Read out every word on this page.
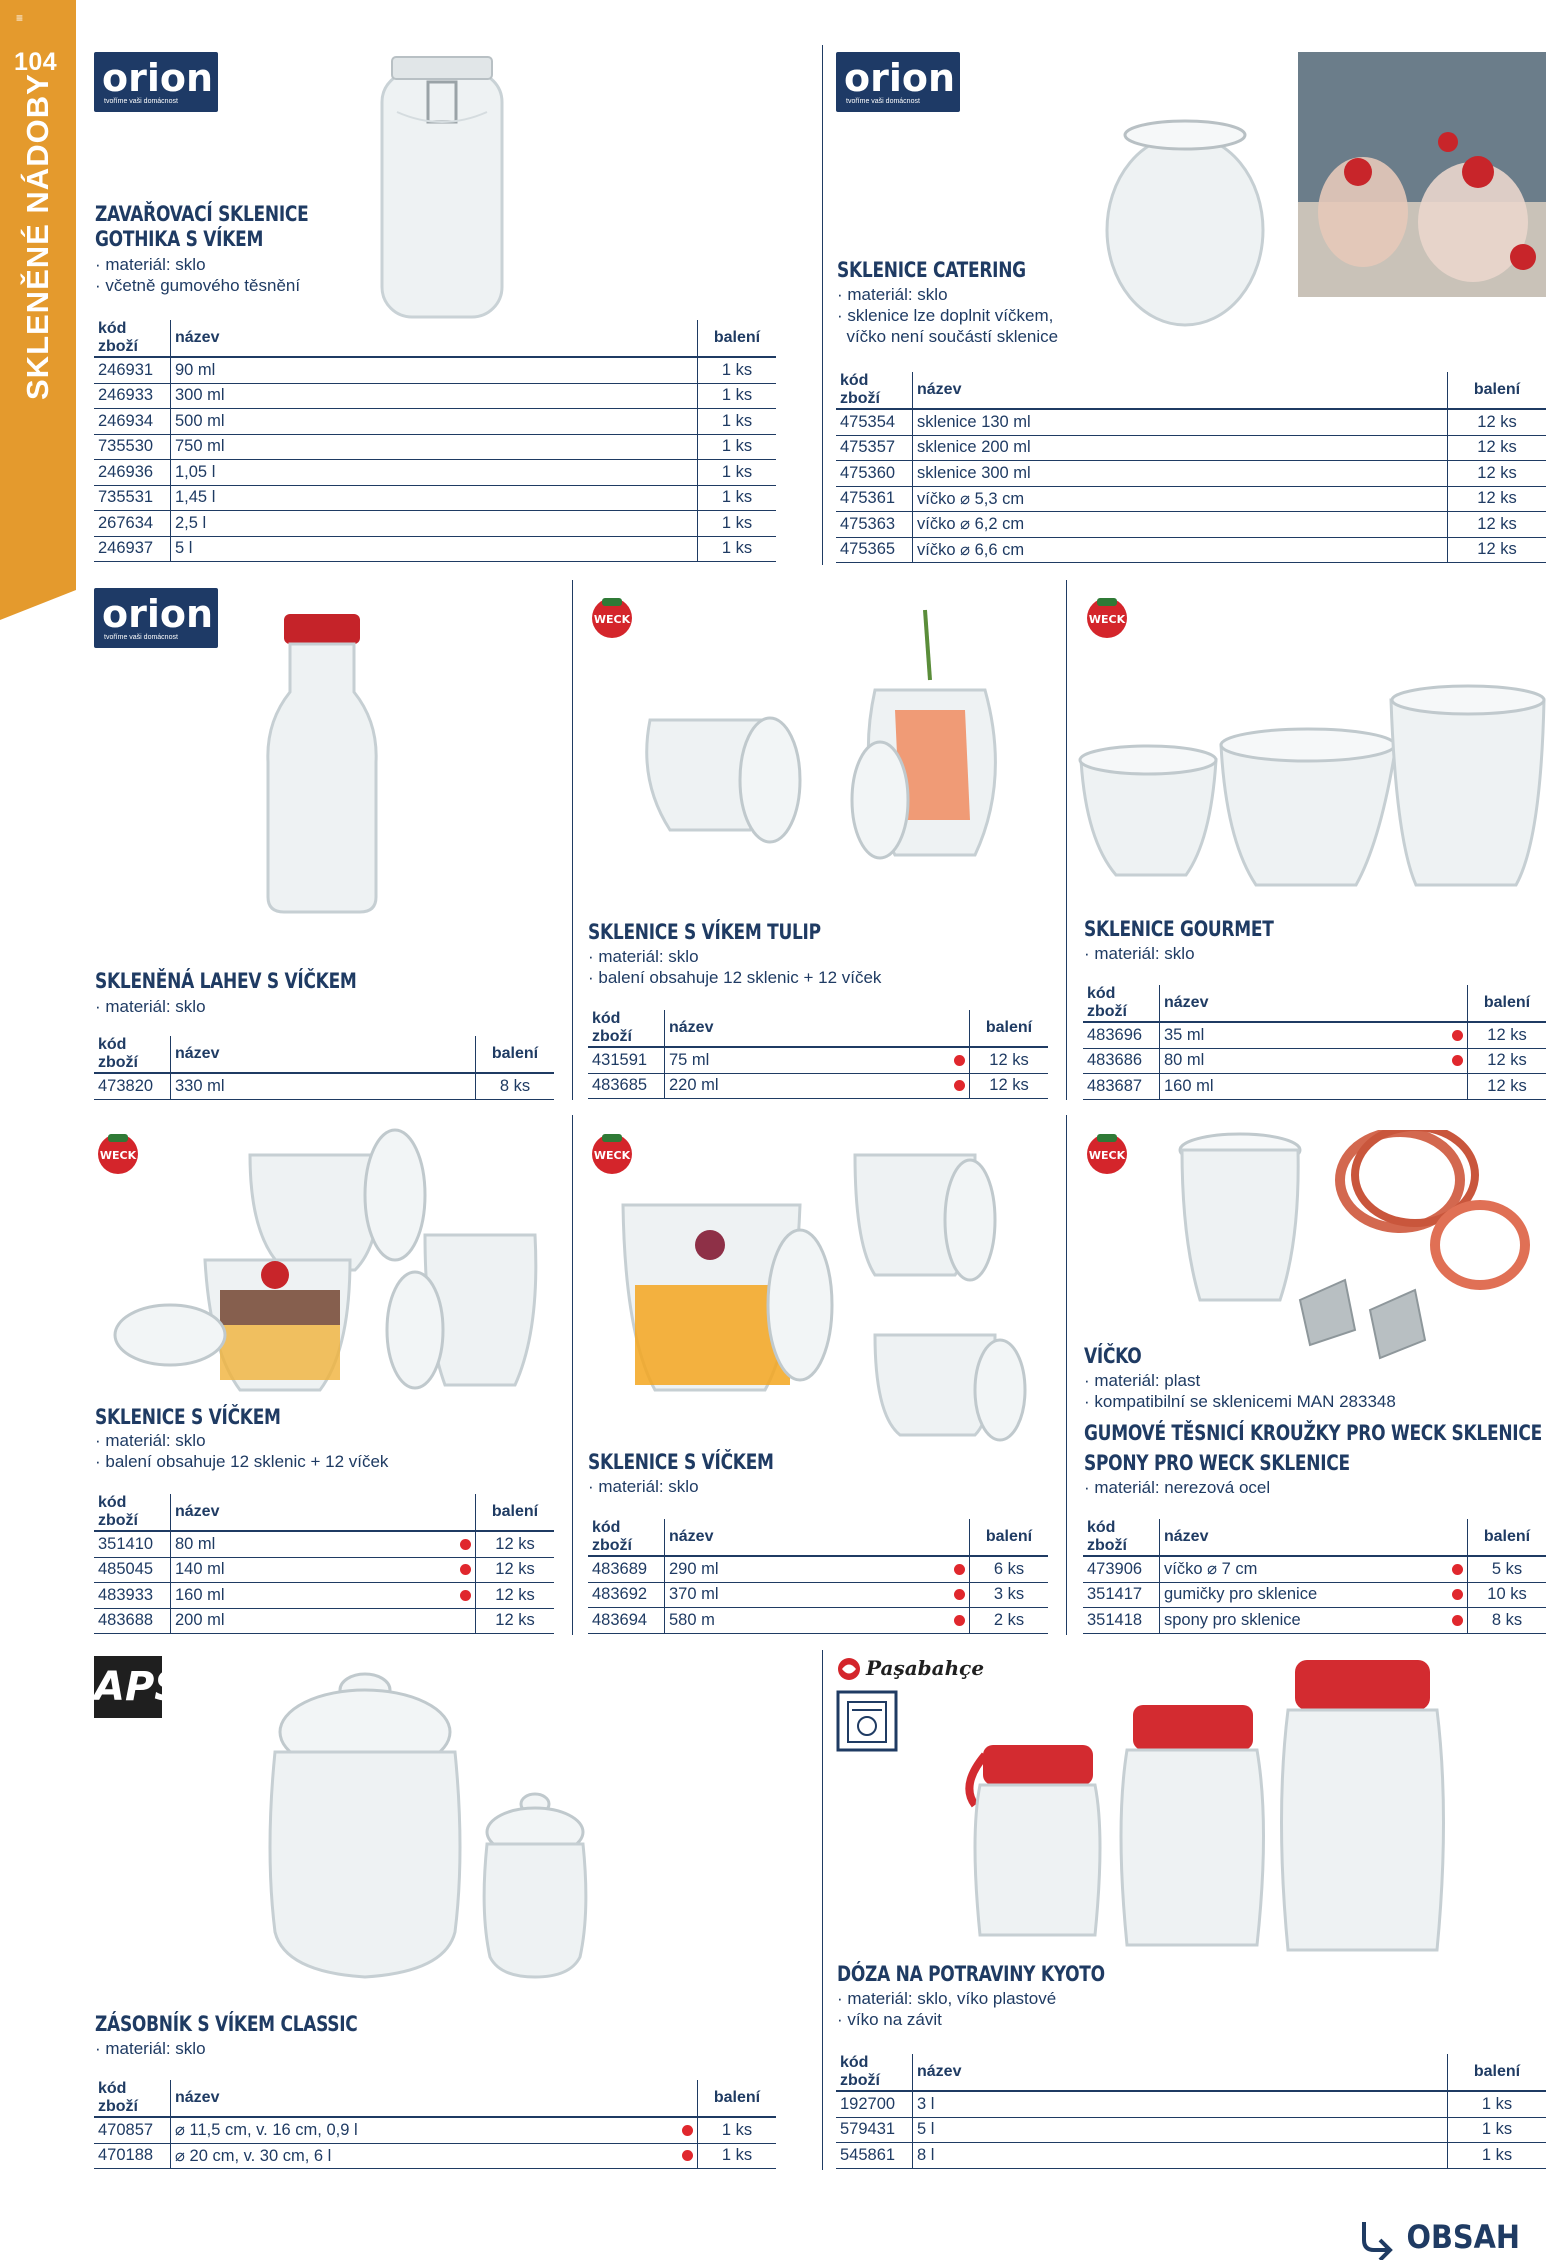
≡
104
SKLENĚNÉ NÁDOBY orion
tvoříme vaši domácnost
ZAVAŘOVACÍ SKLENICE
GOTHIKA S VÍKEM
· materiál: sklo
· včetně gumového těsnění
kód zboží	název	balení
246931	90 ml	1 ks
246933	300 ml	1 ks
246934	500 ml	1 ks
735530	750 ml	1 ks
246936	1,05 l	1 ks
735531	1,45 l	1 ks
267634	2,5 l	1 ks
246937	5 l	1 ks
orion
tvoříme vaši domácnost
SKLENICE CATERING
· materiál: sklo
· sklenice lze doplnit víčkem,
víčko není součástí sklenice
kód zboží	název	balení
475354	sklenice 130 ml	12 ks
475357	sklenice 200 ml	12 ks
475360	sklenice 300 ml	12 ks
475361	víčko ⌀ 5,3 cm	12 ks
475363	víčko ⌀ 6,2 cm	12 ks
475365	víčko ⌀ 6,6 cm	12 ks
orion
tvoříme vaši domácnost
SKLENĚNÁ LAHEV S VÍČKEM
· materiál: sklo
kód zboží	název	balení
473820	330 ml	8 ks
WECK
SKLENICE S VÍKEM TULIP
· materiál: sklo
· balení obsahuje 12 sklenic + 12 víček
kód zboží	název		balení
431591	75 ml		12 ks
483685	220 ml		12 ks
WECK
SKLENICE GOURMET
· materiál: sklo
kód zboží	název		balení
483696	35 ml		12 ks
483686	80 ml		12 ks
483687	160 ml		12 ks
WECK
SKLENICE S VÍČKEM
· materiál: sklo
· balení obsahuje 12 sklenic + 12 víček
kód zboží	název		balení
351410	80 ml		12 ks
485045	140 ml		12 ks
483933	160 ml		12 ks
483688	200 ml		12 ks
WECK
SKLENICE S VÍČKEM
· materiál: sklo
kód zboží	název		balení
483689	290 ml		6 ks
483692	370 ml		3 ks
483694	580 m		2 ks
WECK
VÍČKO
· materiál: plast
· kompatibilní se sklenicemi MAN 283348
GUMOVÉ TĚSNICÍ KROUŽKY PRO WECK SKLENICE
SPONY PRO WECK SKLENICE
· materiál: nerezová ocel
kód zboží	název		balení
473906	víčko ⌀ 7 cm		5 ks
351417	gumičky pro sklenice		10 ks
351418	spony pro sklenice		8 ks
APS
ZÁSOBNÍK S VÍKEM CLASSIC
· materiál: sklo
kód zboží	název		balení
470857	⌀ 11,5 cm, v. 16 cm, 0,9 l		1 ks
470188	⌀ 20 cm, v. 30 cm, 6 l		1 ks
Paşabahçe
DÓZA NA POTRAVINY KYOTO
· materiál: sklo, víko plastové
· víko na závit
kód zboží	název	balení
192700	3 l	1 ks
579431	5 l	1 ks
545861	8 l	1 ks
OBSAH
